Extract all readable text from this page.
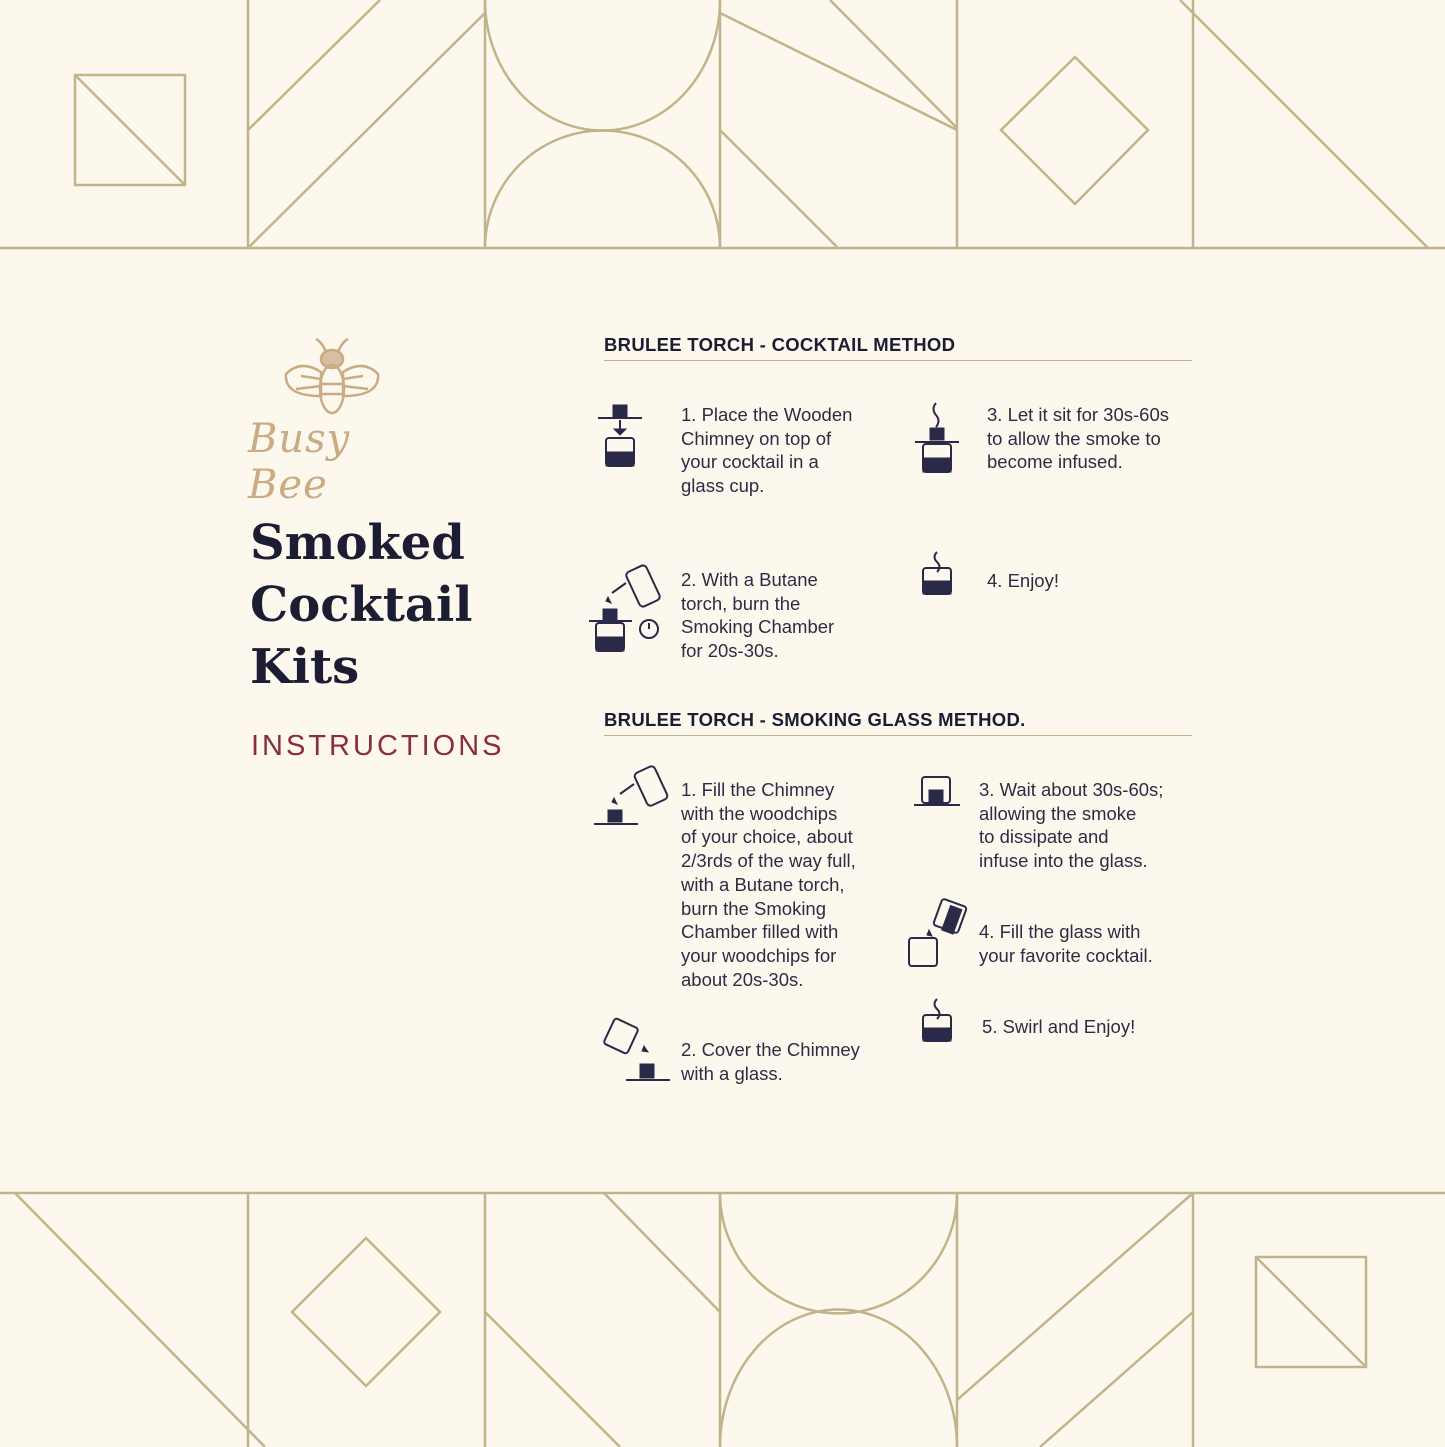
Busy Bee
Smoked
Cocktail
Kits
INSTRUCTIONS
BRULEE TORCH - COCKTAIL METHOD
1. Place the Wooden
Chimney on top of
your cocktail in a
glass cup.
2. With a Butane
torch, burn the
Smoking Chamber
for 20s-30s.
3. Let it sit for 30s-60s
to allow the smoke to
become infused.
4. Enjoy!
BRULEE TORCH - SMOKING GLASS METHOD.
1. Fill the Chimney
with the woodchips
of your choice, about
2/3rds of the way full,
with a Butane torch,
burn the Smoking
Chamber filled with
your woodchips for
about 20s-30s.
2. Cover the Chimney
with a glass.
3. Wait about 30s-60s;
allowing the smoke
to dissipate and
infuse into the glass.
4. Fill the glass with
your favorite cocktail.
5. Swirl and Enjoy!
